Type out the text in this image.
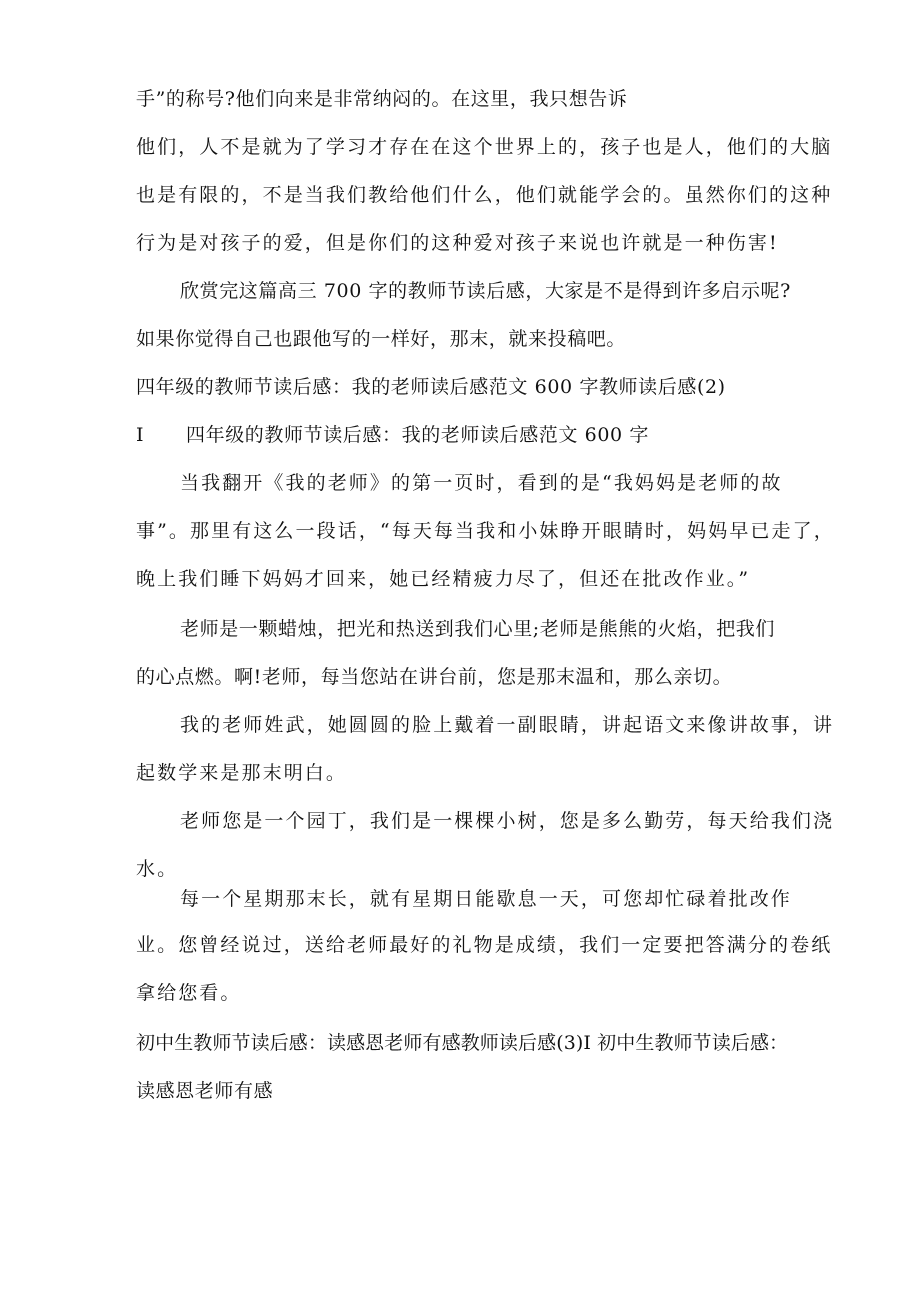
手”的称号?他们向来是非常纳闷的。在这里，我只想告诉
他们，人不是就为了学习才存在在这个世界上的，孩子也是人，他们的大脑
也是有限的，不是当我们教给他们什么，他们就能学会的。虽然你们的这种
行为是对孩子的爱，但是你们的这种爱对孩子来说也许就是一种伤害!
欣赏完这篇高三 700 字的教师节读后感，大家是不是得到许多启示呢?
如果你觉得自己也跟他写的一样好，那末，就来投稿吧。
四年级的教师节读后感：我的老师读后感范文 600 字教师读后感(2)
I 四年级的教师节读后感：我的老师读后感范文 600 字
当我翻开《我的老师》的第一页时，看到的是“我妈妈是老师的故
事”。那里有这么一段话，“每天每当我和小妹睁开眼睛时，妈妈早已走了，
晚上我们睡下妈妈才回来，她已经精疲力尽了，但还在批改作业。”
老师是一颗蜡烛，把光和热送到我们心里;老师是熊熊的火焰，把我们
的心点燃。啊!老师，每当您站在讲台前，您是那末温和，那么亲切。
我的老师姓武，她圆圆的脸上戴着一副眼睛，讲起语文来像讲故事，讲
起数学来是那末明白。
老师您是一个园丁，我们是一棵棵小树，您是多么勤劳，每天给我们浇
水。
每一个星期那末长，就有星期日能歇息一天，可您却忙碌着批改作
业。您曾经说过，送给老师最好的礼物是成绩，我们一定要把答满分的卷纸
拿给您看。
初中生教师节读后感：读感恩老师有感教师读后感(3)I 初中生教师节读后感：
读感恩老师有感
